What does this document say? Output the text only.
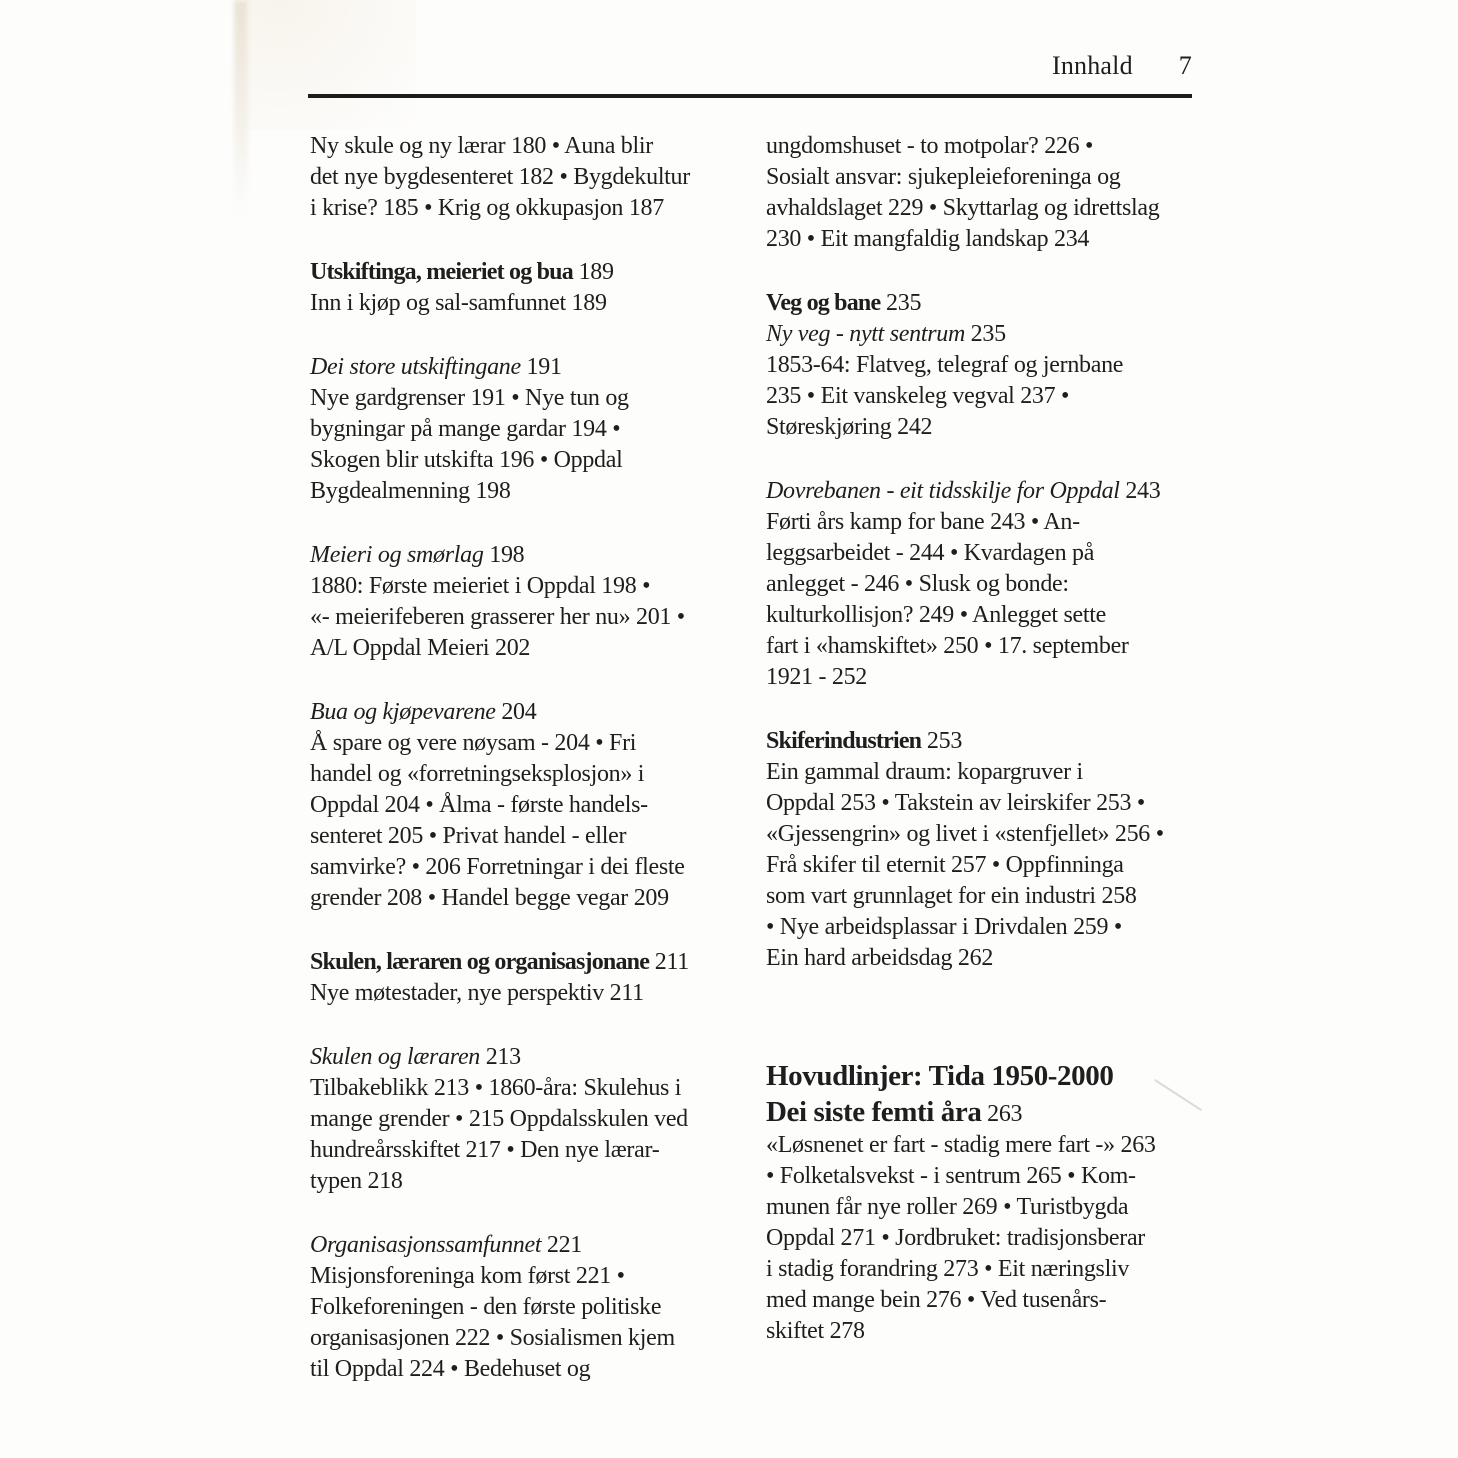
Innhald 7
Ny skule og ny lærar 180 • Auna blir
det nye bygdesenteret 182 • Bygdekultur
i krise? 185 • Krig og okkupasjon 187
Utskiftinga, meieriet og bua 189
Inn i kjøp og sal-samfunnet 189
Dei store utskiftingane 191
Nye gardgrenser 191 • Nye tun og
bygningar på mange gardar 194 •
Skogen blir utskifta 196 • Oppdal
Bygdealmenning 198
Meieri og smørlag 198
1880: Første meieriet i Oppdal 198 •
«- meierifeberen grasserer her nu» 201 •
A/L Oppdal Meieri 202
Bua og kjøpevarene 204
Å spare og vere nøysam - 204 • Fri
handel og «forretningseksplosjon» i
Oppdal 204 • Ålma - første handels-
senteret 205 • Privat handel - eller
samvirke? • 206 Forretningar i dei fleste
grender 208 • Handel begge vegar 209
Skulen, læraren og organisasjonane 211
Nye møtestader, nye perspektiv 211
Skulen og læraren 213
Tilbakeblikk 213 • 1860-åra: Skulehus i
mange grender • 215 Oppdalsskulen ved
hundreårsskiftet 217 • Den nye lærar-
typen 218
Organisasjonssamfunnet 221
Misjonsforeninga kom først 221 •
Folkeforeningen - den første politiske
organisasjonen 222 • Sosialismen kjem
til Oppdal 224 • Bedehuset og
ungdomshuset - to motpolar? 226 •
Sosialt ansvar: sjukepleieforeninga og
avhaldslaget 229 • Skyttarlag og idrettslag
230 • Eit mangfaldig landskap 234
Veg og bane 235
Ny veg - nytt sentrum 235
1853-64: Flatveg, telegraf og jernbane
235 • Eit vanskeleg vegval 237 •
Støreskjøring 242
Dovrebanen - eit tidsskilje for Oppdal 243
Førti års kamp for bane 243 • An-
leggsarbeidet - 244 • Kvardagen på
anlegget - 246 • Slusk og bonde:
kulturkollisjon? 249 • Anlegget sette
fart i «hamskiftet» 250 • 17. september
1921 - 252
Skiferindustrien 253
Ein gammal draum: kopargruver i
Oppdal 253 • Takstein av leirskifer 253 •
«Gjessengrin» og livet i «stenfjellet» 256 •
Frå skifer til eternit 257 • Oppfinninga
som vart grunnlaget for ein industri 258
• Nye arbeidsplassar i Drivdalen 259 •
Ein hard arbeidsdag 262
Hovudlinjer: Tida 1950-2000
Dei siste femti åra 263
«Løsnenet er fart - stadig mere fart -» 263
• Folketalsvekst - i sentrum 265 • Kom-
munen får nye roller 269 • Turistbygda
Oppdal 271 • Jordbruket: tradisjonsberar
i stadig forandring 273 • Eit næringsliv
med mange bein 276 • Ved tusenårs-
skiftet 278
